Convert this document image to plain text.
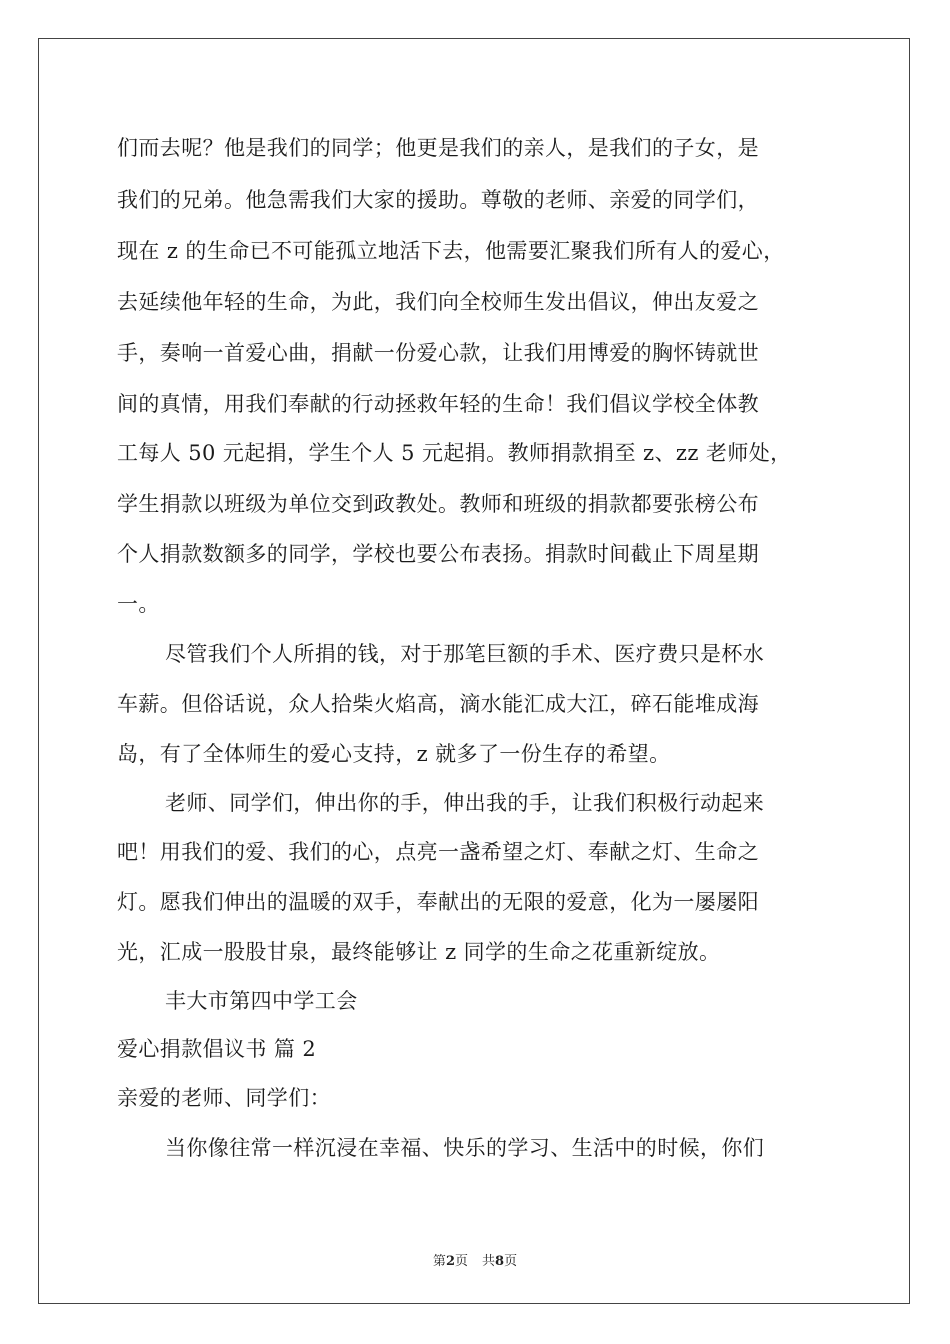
们而去呢？他是我们的同学；他更是我们的亲人，是我们的子女，是
我们的兄弟。他急需我们大家的援助。尊敬的老师、亲爱的同学们，
现在 z 的生命已不可能孤立地活下去，他需要汇聚我们所有人的爱心，
去延续他年轻的生命，为此，我们向全校师生发出倡议，伸出友爱之
手，奏响一首爱心曲，捐献一份爱心款，让我们用博爱的胸怀铸就世
间的真情，用我们奉献的行动拯救年轻的生命！我们倡议学校全体教
工每人 50 元起捐，学生个人 5 元起捐。教师捐款捐至 z、zz 老师处，
学生捐款以班级为单位交到政教处。教师和班级的捐款都要张榜公布
个人捐款数额多的同学，学校也要公布表扬。捐款时间截止下周星期
一。
尽管我们个人所捐的钱，对于那笔巨额的手术、医疗费只是杯水
车薪。但俗话说，众人拾柴火焰高，滴水能汇成大江，碎石能堆成海
岛，有了全体师生的爱心支持，z 就多了一份生存的希望。
老师、同学们，伸出你的手，伸出我的手，让我们积极行动起来
吧！用我们的爱、我们的心，点亮一盏希望之灯、奉献之灯、生命之
灯。愿我们伸出的温暖的双手，奉献出的无限的爱意，化为一屡屡阳
光，汇成一股股甘泉，最终能够让 z 同学的生命之花重新绽放。
丰大市第四中学工会
爱心捐款倡议书 篇 2
亲爱的老师、同学们：
当你像往常一样沉浸在幸福、快乐的学习、生活中的时候，你们
第2页 共8页
